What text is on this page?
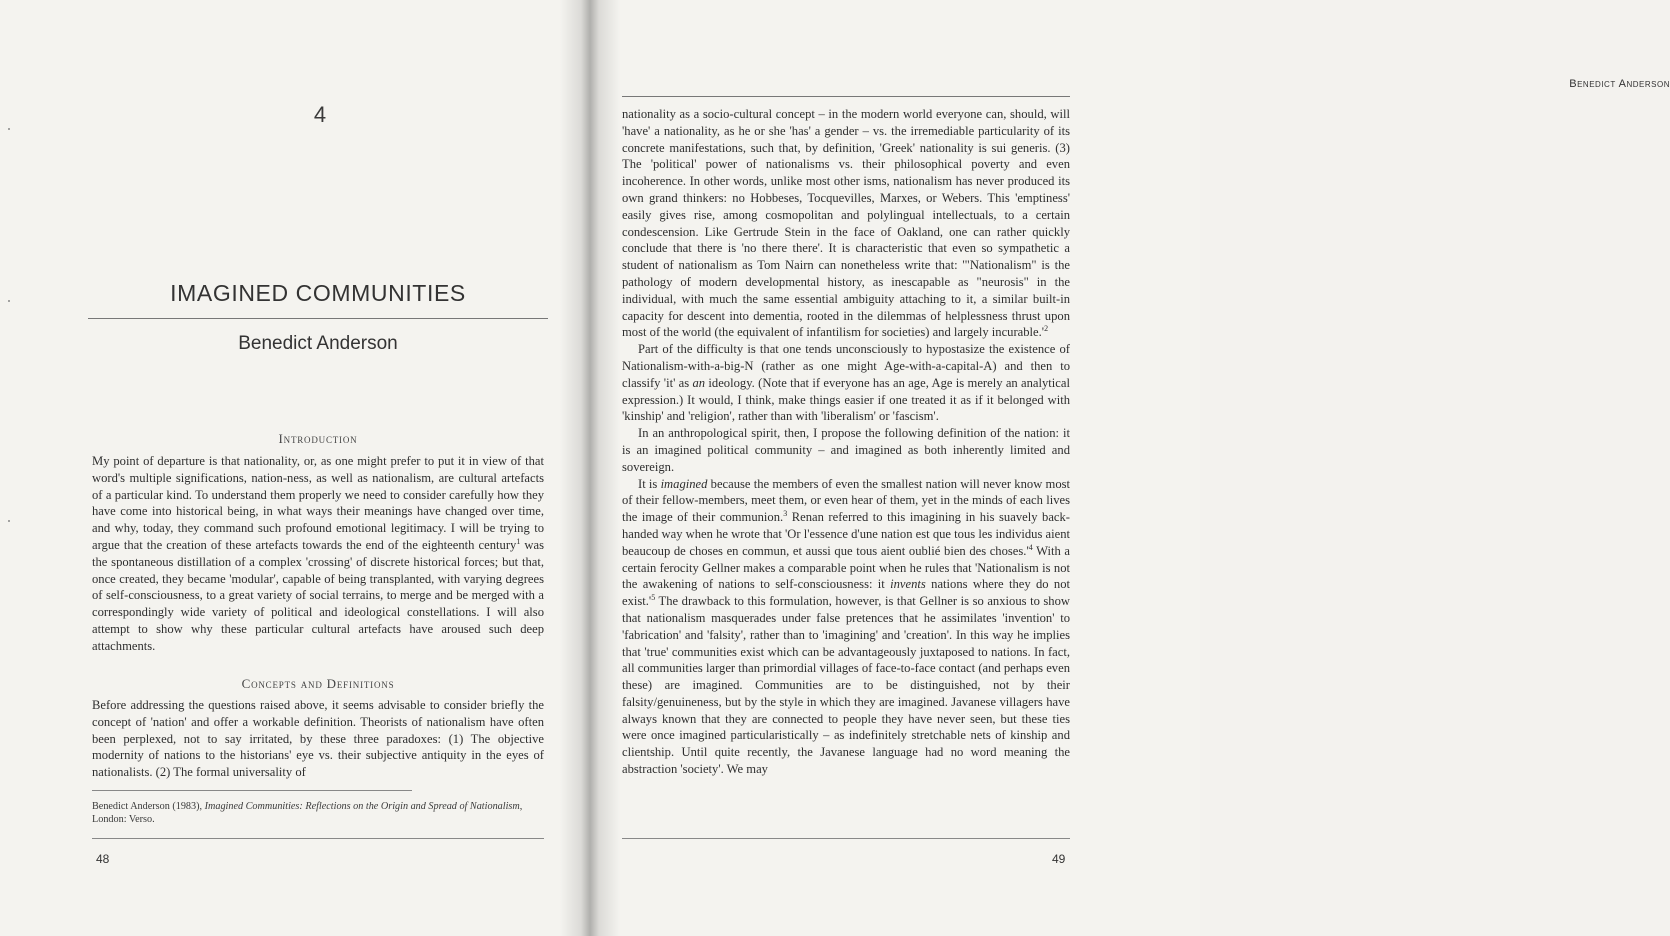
4
IMAGINED COMMUNITIES
Benedict Anderson
Introduction

My point of departure is that nationality, or, as one might prefer to put it in view of that word's multiple significations, nation-ness, as well as nationalism, are cultural artefacts of a particular kind. To understand them properly we need to consider carefully how they have come into historical being, in what ways their meanings have changed over time, and why, today, they command such profound emotional legitimacy. I will be trying to argue that the creation of these artefacts towards the end of the eighteenth century$^1$ was the spontaneous distillation of a complex 'crossing' of discrete historical forces; but that, once created, they became 'modular', capable of being transplanted, with varying degrees of self-consciousness, to a great variety of social terrains, to merge and be merged with a correspondingly wide variety of political and ideological constellations. I will also attempt to show why these particular cultural artefacts have aroused such deep attachments.

Concepts and Definitions

Before addressing the questions raised above, it seems advisable to consider briefly the concept of 'nation' and offer a workable definition. Theorists of nationalism have often been perplexed, not to say irritated, by these three paradoxes: (1) The objective modernity of nations to the historians' eye vs. their subjective antiquity in the eyes of nationalists. (2) The formal universality of

Benedict Anderson (1983), Imagined Communities: Reflections on the Origin and Spread of Nationalism, London: Verso.
48
Benedict Anderson

nationality as a socio-cultural concept – in the modern world everyone can, should, will 'have' a nationality, as he or she 'has' a gender – vs. the irremediable particularity of its concrete manifestations, such that, by definition, 'Greek' nationality is sui generis. (3) The 'political' power of nationalisms vs. their philosophical poverty and even incoherence. In other words, unlike most other isms, nationalism has never produced its own grand thinkers: no Hobbeses, Tocquevilles, Marxes, or Webers. This 'emptiness' easily gives rise, among cosmopolitan and polylingual intellectuals, to a certain condescension. Like Gertrude Stein in the face of Oakland, one can rather quickly conclude that there is 'no there there'. It is characteristic that even so sympathetic a student of nationalism as Tom Nairn can nonetheless write that: '"Nationalism" is the pathology of modern developmental history, as inescapable as "neurosis" in the individual, with much the same essential ambiguity attaching to it, a similar built-in capacity for descent into dementia, rooted in the dilemmas of helplessness thrust upon most of the world (the equivalent of infantilism for societies) and largely $incurable.'^2$

Part of the difficulty is that one tends unconsciously to hypostasize the existence of Nationalism-with-a-big-N (rather as one might Age-with-a-capital-A) and then to classify 'it' as an ideology. (Note that if everyone has an age, Age is merely an analytical expression.) It would, I think, make things easier if one treated it as if it belonged with 'kinship' and 'religion', rather than with 'liberalism' or 'fascism'.

In an anthropological spirit, then, I propose the following definition of the nation: it is an imagined political community – and imagined as both inherently limited and sovereign.

It is imagined because the members of even the smallest nation will never know most of their fellow-members, meet them, or even hear of them, yet in the minds of each lives the image of their communion.$^3$ Renan referred to this imagining in his suavely back-handed way when he wrote that 'Or l'essence d'une nation est que tous les individus aient beaucoup de choses en commun, et aussi que tous aient oublié bien des $choses.'^4$ With a certain ferocity Gellner makes a comparable point when he rules that 'Nationalism is not the awakening of nations to self-consciousness: it invents nations where they do not $exist.'^5$ The drawback to this formulation, however, is that Gellner is so anxious to show that nationalism masquerades under false pretences that he assimilates 'invention' to 'fabrication' and 'falsity', rather than to 'imagining' and 'creation'. In this way he implies that 'true' communities exist which can be advantageously juxtaposed to nations. In fact, all communities larger than primordial villages of face-to-face contact (and perhaps even these) are imagined. Communities are to be distinguished, not by their falsity/genuineness, but by the style in which they are imagined. Javanese villagers have always known that they are connected to people they have never seen, but these ties were once imagined particularistically – as indefinitely stretchable nets of kinship and clientship. Until quite recently, the Javanese language had no word meaning the abstraction 'society'. We may

49
